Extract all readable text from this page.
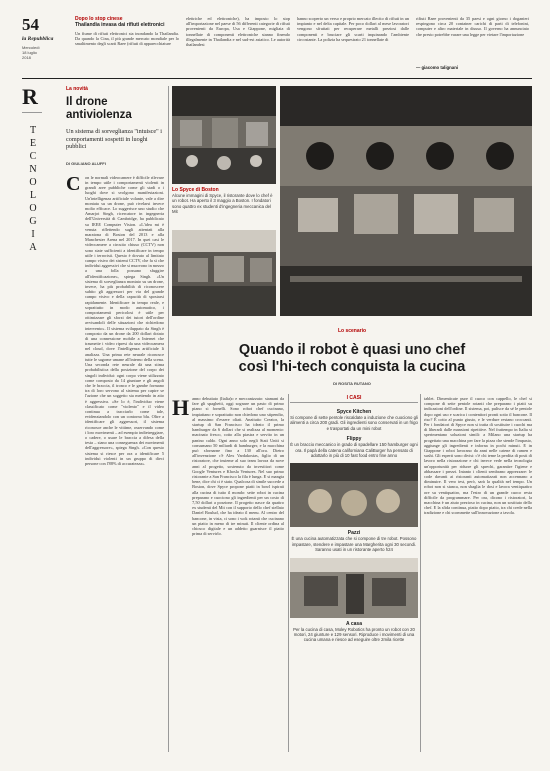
54
la Repubblica
Mercoledì
18 luglio
2018
Dopo lo stop cinese
Thailandia invasa dai rifiuti elettronici
Un fiume di rifiuti elettronici sta inondando la Thailandia. Da quando la Cina, il più grande mercato mondiale per lo smaltimento degli scarti Raee (rifiuti di apparecchiature
elettriche ed elettroniche), ha imposto lo stop all'importazione nel paese di 56 differenti categorie di rifiuti provenienti da Europa, Usa e Giappone, migliaia di tonnellate di componenti elettroniche stanno finendo illegalmente in Thailandia e nel sud-est asiatico. Le autorità thailandesi
hanno scoperto un verso e proprio mercato illecito di rifiuti in un impianto e nel delta capitale. Per poco dollari al mese lavoratori vengono sfruttati per recuperare metalli preziosi dalle componenti e bruciare gli scarti inquinando l'ambiente circostante. La polizia ha sequestrato 21 tonnellate di
rifiuti Raee provenienti da 35 paesi e ogni giorno i doganieri respingono circa 20 container carichi di parti di telefonini, computer e altro materiale in disuso. Il governo ha annunciato che presto potrebbe varare una legge per vietare l'importazione
— giacomo talignani
R
T
E
C
N
O
L
O
G
I
A
La novità
Il drone
antiviolenza
Un sistema di sorveglianza "intuisce" i comportamenti sospetti in luoghi pubblici
DI GIULIANO ALUFFI
C	on le normali videocamere è difficile rilevare in tempo utile i comportamenti violenti in grandi aree pubbliche come gli stadi o i luoghi dove si svolgono manifestazioni. Un'intelligenza artificiale volante, vale a dire montata su un drone, può rivelarsi invece molto efficace. Lo suggerisce uno studio che Amarjot Singh, ricercatore in ingegneria dell'Università di Cambridge, ha pubblicato su IEEE Computer Vision. «L'idea mi è venuta riflettendo sugli attentati alla maratona di Boston del 2013 e alla Manchester Arena nel 2017. In quei casi le videocamere a circuito chiuso (CCTV) non sono state sufficienti a identificare in tempo utile i terroristi. Questo è dovuto al limitato campo visivo dei sistemi CCTV, che fa sì che individui aggressivi che si muovono in mezzo a una folla possano sfuggire all'identificazione», spiega Singh. «Un sistema di sorveglianza montato su un drone, invece, ha più probabilità di riconoscere subito gli aggressori per via del grande campo visivo e della capacità di spostarsi rapidamente. Identificare in tempo reale, e soprattutto in modo automatico, i comportamenti pericolosi è utile per ottimizzare gli sforzi dei tutori dell'ordine avvisandoli delle situazioni che richiedono intervento». Il sistema sviluppato da Singh è composto da un drone da 200 dollari dotato di una connessione mobile a Internet che trasmette i video ripresi da una videocamera nel cloud, dove l'intelligenza artificiale li analizza. Una prima rete neurale riconosce tutte le sagome umane all'interno della scena. Una seconda rete neurale dà una stima probabilistica della posizione del corpo dei singoli individui: ogni corpo viene stilizzato come composto da 14 giunture e gli angoli che le braccia, il tronco e le gambe formano tra di loro servono al sistema per capire se l'azione che un soggetto sta mettendo in atto è aggressiva. «Se lo è, l'individuo viene classificato come "violento" e il video continua a tracciarlo come tale, evidenziandolo con un contorno blu. Oltre a identificare gli aggressori, il sistema riconosce anche le vittime, osservando come i loro movimenti – ad esempio indietreggiare, o cadere, o usare le braccia a difesa della testa – siano una conseguenza dei movimenti dell'aggressore», spiega Singh. «Con questo sistema si riesce per ora a identificare 5 individui violenti in un gruppo di dieci persone con l'88% di accuratezza».
Lo Spyce di Boston
Alcune immagini di Spyce, il ristorante dove lo chef è un robot. Ha aperto il 3 maggio a Boston. I fondatori sono quattro ex studenti d'ingegneria meccanica del Mit
Lo scenario
Quando il robot è quasi uno chef
così l'hi-tech conquista la cucina
DI ROSITA RUTANO
H anno debuttato (Italia)o e meccanizzato: stamani da fare gli spaghetti, oggi sognare un pasto di primo piano si fornelli. Sono robot chef cucinano, impiattano e soprattutto non chiedono uno stipendio, al massimo d'essere oliati. Anzitutto Creator, la startup di San Francisco ha ideato il primo hamburger da 6 dollari che si realizza al momento: macinato fresco, cotto alla piastra e servito in un panino caldo. Ogni anno solo negli Stati Uniti si consumano 50 miliardi di hamburger, e la macchina può sfornarne fino a 130 all'ora. Dietro all'invenzione c'è Alex Vardakostas, figlio di un ristoratore, che insieme al suo team lavora da nove anni al progetto, sostenuto da investitori come Google Ventures e Khosla Ventures. Nel suo primo ristorante a San Francisco la fila è lunga. E si mangia bene, dice chi ci è stato. Qualcosa di simile succede a Boston, dove Spyce propone piatti in bowl ispirati alla cucina di tutto il mondo: sette robot in cucina preparano e cuociono gli ingredienti per un costo di 7,50 dollari a porzione. Il progetto nasce da quattro ex studenti del Mit con il supporto dello chef stellato Daniel Boulud, che ha ideato il menu. Al centro del bancone, in vista, ci sono i wok rotanti che cucinano un piatto in meno di tre minuti. Il cliente ordina al chiosco digitale e un addetto guarnisce il piatto prima di servirlo.
I CASI
Spyce Kitchen
Si compone di sette pentole riscaldate a induzione che cuociono gli alimenti a circa 200 gradi. Gli ingredienti sono conservati in un frigo e trasportati da un mini robot
Flippy
È un braccio meccanico in grado di spadellare 150 hamburger ogni ora. Il papà della catena californiana CaliBurger ha pensato di adottarlo in più di 10 fast food entro fine anno
Pazzi
È una cucina automatizzata che si compone di tre robot. Possono impastare, stendere e impastare una Margherita ogni 30 secondi. Saranno usati in un ristorante aperto h24
A casa
Per la cucina di casa, Moley Robotics ha pronto un robot con 20 motori, 24 giunture e 129 sensori. Riproduce i movimenti di una cucina umana e riesce ad eseguire oltre 2mila ricette
tablet. Dimenticate pure il cuoco con cappello, le chef si compone di sette pentole rotanti che preparano i piatti su indicazioni dell'ordine. Il sistema, poi, pulisce da sé le pentole dopo ogni uso e scarica i contenitori pronti sotto il bancone. Il riso? È cotto al punto giusto, e le verdure restano croccanti. Per i fondatori di Spyce non si tratta di sostituire i cuochi ma di liberarli dalle mansioni ripetitive. Nel frattempo in Italia si sperimentano soluzioni simili: a Milano una startup ha progettato una macchina per fare la pizza che stende l'impasto, aggiunge gli ingredienti e inforna in pochi minuti. E in Giappone i robot lavorano da anni nelle catene di ramen e sushi. Gli esperti sono divisi: c'è chi teme la perdita di posti di lavoro nella ristorazione e chi invece vede nella tecnologia un'opportunità per ridurre gli sprechi, garantire l'igiene e abbassare i prezzi. Intanto i clienti sembrano apprezzare: le code davanti ai ristoranti automatizzati non accennano a diminuire. Il vero test, però, sarà la qualità nel tempo. Un robot non si stanca, non sbaglia le dosi e lavora ventiquattro ore su ventiquattro, ma l'estro di un grande cuoco resta difficile da programmare. Per ora, dicono i ristoratori, la macchina è un aiuto prezioso in cucina, non un sostituto dello chef. E la sfida continua, piatto dopo piatto, tra chi crede nella tradizione e chi scommette sull'innovazione a tavola.
